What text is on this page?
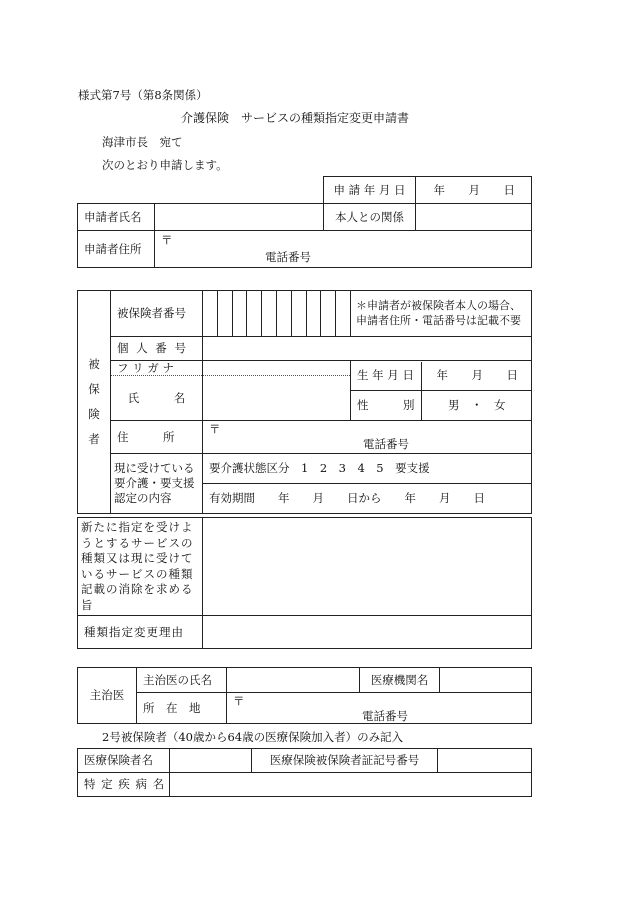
様式第7号（第8条関係）
介護保険　サービスの種類指定変更申請書
海津市長　宛て
次のとおり申請します。
申 請 年 月 日	年　月　日
申請者氏名		本人との関係	
申請者住所	〒
電話番号		
被
保
険
者
	被保険者番号	
	＊申請者が被保険者本人の場合、申請者住所・電話番号は記載不要
個 人 番 号	

フ リ ガ ナ
氏　　　名

生 年 月 日	年　月　日
性　　　別	男　・　女

住　　　所	
〒
電話番号

現に受けている要介護・要支援認定の内容	要介護状態区分　1　2　3　4　5　要支援
有効期間　　年　　月　　日から　　年　　月　　日
新たに指定を受けようとするサービスの種類又は現に受けているサービスの種類記載の消除を求める旨	
種類指定変更理由	
主治医	主治医の氏名		医療機関名	
	所　在　地	〒
電話番号		
2号被保険者（40歳から64歳の医療保険加入者）のみ記入
医療保険者名		医療保険被保険者証記号番号	
特 定 疾 病 名			
